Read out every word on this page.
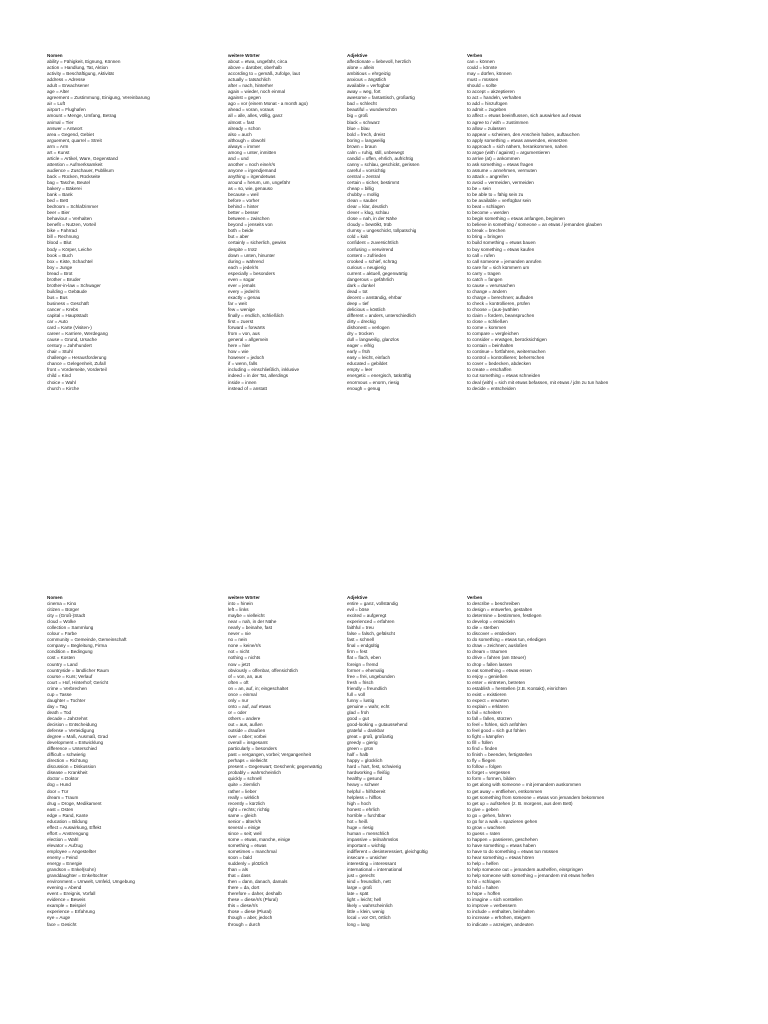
Nomen
ability = Fähigkeit, Eignung, Können
action = Handlung, Tat, Aktion
activity = Beschäftigung, Aktivität
address = Adresse
adult = Erwachsener
age = Alter
agreement = Zustimmung, Einigung, Vereinbarung
air = Luft
airport = Flughafen
amount = Menge, Umfang, Betrag
animal = Tier
answer = Antwort
area = Gegend, Gebiet
arguement, quarrel = Streit
arm = Arm
art = Kunst
article = Artikel, Ware, Gegenstand
attention = Aufmerksamkeit
audience = Zuschauer, Publikum
back = Rücken, Rückseite
bag = Tasche, Beutel
bakery = Bäkerei
bank = Bank
bed = Bett
bedroom = Schlafzimmer
beer = Bier
behaviour = Verhalten
benefit = Nutzen, Vorteil
bike = Fahrrad
bill = Rechnung
blood = Blut
body = Körper, Leiche
book = Buch
box = Kiste, Schachtel
boy = Junge
bread = Brot
brother = Bruder
brother-in-law = Schwager
building = Gebäude
bus = Bus
business = Geschäft
cancer = Krebs
capital = Hauptstadt
car = Auto
card = Karte (Visiten-)
career = Karriere, Werdegang
cause = Grund, Ursache
century = Jahrhundert
chair = Stuhl
challenge = Herausforderung
chance = Gelegenheit, Zufall
front = Vorderseite, Vorderteil
child = Kind
choice = Wahl
church = Kirche
weitere Wörter
about = etwa, ungefähr, circa
above = darüber, oberhalb
according to = gemäß, zufolge, laut
actually = tatsächlich
after = nach, hinterher
again = wieder, noch einmal
against = gegen
ago = vor (einem Monat - a month ago)
ahead = voran, voraus
all = alle, alles, völlig, ganz
almost = fast
already = schon
also = auch
although = obwohl
always = immer
among = unter, inmitten
and = und
another = noch eine/r/s
anyone = irgendjemand
anything = irgendetwas
around = herum, um, ungefähr
as = so, wie, genauso
because = weil
before = vorher
behind = hinter
better = besser
between = zwischen
beyond = jenseits von
both = beide
but = aber
certainly = sicherlich, gewiss
despite = trotz
down = unten, hinunter
during = während
each = jede/r/s
especially = besonders
even = sogar
ever = jemals
every = jede/r/s
exactly = genau
far = weit
few = wenige
finally = endlich, schließlich
first = zuerst
forward = forwärts
from = von, aus
general = allgemein
here = hier
how = wie
however = jedoch
if = wenn, falls
including = einschließlich, inklusive
indeed = in der Tat, allerdings
inside = innen
instead of = anstatt
Adjektive
affectionate = liebevoll, herzlich
alone = allein
ambitious = ehrgeizig
anxious = ängstlich
available = verfügbar
away = weg, fort
awesome = fantastisch, großartig
bad = schlecht
beautiful = wunderschön
big = groß
black = schwarz
blue = blau
bold = frech, dreist
boring = langweilig
brown = braun
calm = ruhig, still, unbewegt
candid = offen, ehrlich, aufrichtig
canny = schlau, geschickt, gerissen
careful = vorsichtig
central = zentral
certain = sicher, bestimmt
cheap = billig
chubby = mollig
clean = sauber
clear = klar, deutlich
clever = klug, schlau
close = nah, in der Nähe
cloudy = bewölkt, trüb
clumsy = ungeschickt, tollpatschig
cold = kalt
confident = zuversichtlich
confusing = verwirrend
content = zufrieden
crooked = schief, schräg
curious = neugierig
current = aktuell, gegenwärtig
dangerous = gefährlich
dark = dunkel
dead = tot
decent = anständig, ehrbar
deep = tief
delicious = köstlich
different = anders, unterschiedlich
dirty = dreckig
dishonest = verlogen
dry = trocken
dull = langweilig, glanzlos
eager = eifrig
early = früh
easy = leicht, einfach
educated = gebildet
empty = leer
energetic = energisch, tatkräftig
enormous = enorm, riesig
enough = genug
Verben
can = können
could = könnte
may = dürfen, können
must = müssen
should = sollte
to accept = akzeptieren
to act = handeln, verhalten
to add = hinzufügen
to admit = zugeben
to affect = etwas beeinflussen, sich auswirken auf etwas
to agree to / with = zustimmen
to allow = zulassen
to appear = scheinen, den Anschein haben, auftauchen
to apply something = etwas anwenden, einsetzen
to approach = sich nähern, herankommen, nahen
to argue (with / against) = argumentieren
to arrive (at) = ankommen
to ask something = etwas fragen
to assume = annehmen, vermuten
to attack = angreifen
to avoid = vermeiden, vermeiden
to be = sein
to be able to = fähig sein zu
to be available = verfügbar sein
to beat = schlagen
to become = werden
to begin something = etwas anfangen, beginnen
to believe in something / someone = an etwas / jemanden glauben
to break = brechen
to bring = bringen
to build something = etwas bauen
to buy something = etwas kaufen
to call = rufen
to call someone = jemanden anrufen
to care for = sich kümmern um
to carry = tragen
to catch = fangen
to cause = verursachen
to change = ändern
to charge = berechnen; aufladen
to check = kontrollieren, prüfen
to choose = (aus-)wählen
to claim = fordern, beanspruchen
to close = schließen
to come = kommen
to compare = vergleichen
to consider = erwägen, berücksichtigen
to contain = beinhalten
to continue = fortfahren, weitermachen
to control = kontrollieren; beherrschen
to cover = bedecken, abdecken
to create = erschaffen
to cut something = etwas schneiden
to deal (with) = sich mit etwas befassen, mit etwas / jdm zu tun haben
to decide = entscheiden
Nomen
cinema = Kino
citizen = Bürger
city = (Groß-)Stadt
cloud = Wolke
collection = Sammlung
colour = Farbe
community = Gemeinde, Gemeinschaft
company = Begleitung, Firma
condition = Bedingung
cost = Kosten
country = Land
countryside = ländlicher Raum
course = Kurs; Verlauf
court = Hof, Hinterhof; Gericht
crime = Verbrechen
cup = Tasse
daughter = Tochter
day = Tag
death = Tod
decade = Jahrzehnt
decision = Entscheidung
defense = Verteidigung
degree = Maß, Ausmaß, Grad
development = Entwicklung
difference = Unterschied
difficult = schwierig
direction = Richtung
discussion = Diskussion
disease = Krankheit
doctor = Doktor
dog = Hund
door = Tür
dream = Traum
drug = Droge, Medikament
east = Osten
edge = Rand, Kante
education = Bildung
effect = Auswirkung, Effekt
effort = Anstrengung
election = Wahl
elevator = Aufzug
employee = Angestellter
enemy = Feind
energy = Energie
grandson = Enkel(sohn)
granddaughter = Enkeltochter
environment = Umwelt, Umfeld, Umgebung
evening = Abend
event = Ereignis, Vorfall
evidence = Beweis
example = Beispiel
experience = Erfahrung
eye = Auge
face = Gesicht
weitere Wörter
into = hinein
left = links
maybe = vielleicht
near = nah, in der Nähe
nearly = beinahe, fast
never = nie
no = nein
none = keine/r/s
not = nicht
nothing = nichts
now = jetzt
obviously = offenbar, offensichtlich
of = von, an, aus
often = oft
on = an, auf, in; eingeschaltet
once = einmal
only = nur
onto = auf, auf etwas
or = oder
others = andere
out = aus, außen
outside = draußen
over = über; vorbei
overall = insgesamt
particularly = besonders
past = vergangen, vorbei; Vergangenheit
perhaps = vielleicht
present = Gegenwart; Geschenk; gegenwärtig
probably = wahrscheinlich
quickly = schnell
quite = ziemlich
rather = lieber
really = wirklich
recently = kürzlich
right = rechts; richtig
same = gleich
senior = älter/r/s
several = einige
since = seit; weil
some = etwas, manche, einige
something = etwas
sometimes = manchmal
soon = bald
suddenly = plötzlich
than = als
that = dass
then = dann, danach, damals
there = da, dort
therefore = daher, deshalb
these = diese/r/s (Plural)
this = diese/r/s
those = diese (Plural)
though = aber, jedoch
through = durch
Adjektive
entire = ganz, vollständig
evil = böse
excited = aufgeregt
experienced = erfahren
faithful = treu
false = falsch, gefälscht
fast = schnell
final = endgültig
firm = fest
flat = flach, eben
foreign = fremd
former = ehemalig
free = frei, ungebunden
fresh = frisch
friendly = freundlich
full = voll
funny = lustig
genuine = wahr, echt
glad = froh
good = gut
good-looking = gutaussehend
grateful = dankbar
great = groß, großartig
greedy = gierig
green = grün
half = halb
happy = glücklich
hard = hart, fest, schwierig
hardworking = fleißig
healthy = gesund
heavy = schwer
helpful = hilfsbereit
helpless = hilflos
high = hoch
honest = ehrlich
horrible = furchtbar
hot = heiß
huge = riesig
human = menschlich
impassive = teilnahmslos
important = wichtig
indifferent = desinteressiert, gleichgültig
insecure = unsicher
interesting = interessant
international = international
just = gerecht
kind = freundlich, nett
large = groß
late = spät
light = leicht; hell
likely = wahrscheinlich
little = klein, wenig
local = vor Ort, örtlich
long = lang
Verben
to describe = beschreiben
to design = entwerfen, gestalten
to determine = bestimmen, festlegen
to develop = entwickeln
to die = sterben
to discover = entdecken
to do something = etwas tun, erledigen
to draw = zeichnen; ausloßen
to dream = träumen
to drive = fahren (am Steuer)
to drop = fallen lassen
to eat something = etwas essen
to enjoy = genießen
to enter = eintreten, betreten
to establish = herstellen (z.B. Kontakt), einrichten
to exist = existieren
to expect = erwarten
to explain = erklären
to fail = scheitern
to fall = fallen, stürzen
to feel = fühlen, sich anfühlen
to feel good = sich gut fühlen
to fight = kämpfen
to fill = füllen
to find = finden
to finish = beenden, fertigstellen
to fly = fliegen
to follow = folgen
to forget = vergessen
to form = formen, bilden
to get along with someone = mit jemandem auskommen
to get away = entfliehen, entkommen
to get something from someone = etwas von jemandem bekommen
to get up = aufstehen (z. B. morgens, aus dem Bett)
to give = geben
to go = gehen, fahren
to go for a walk = spazieren gehen
to grow = wachsen
to guess = raten
to happen = passieren, geschehen
to have something = etwas haben
to have to do something = etwas tun müssen
to hear something = etwas hören
to help = helfen
to help someone out = jemandem aushelfen, einspringen
to help someone with something = jemandem mit etwas helfen
to hit = schlagen
to hold = halten
to hope = hoffen
to imagine = sich vorstellen
to improve = verbessern
to include = enthalten, beinhalten
to increase = erhöhen, steigern
to indicate = anzeigen, andeuten
